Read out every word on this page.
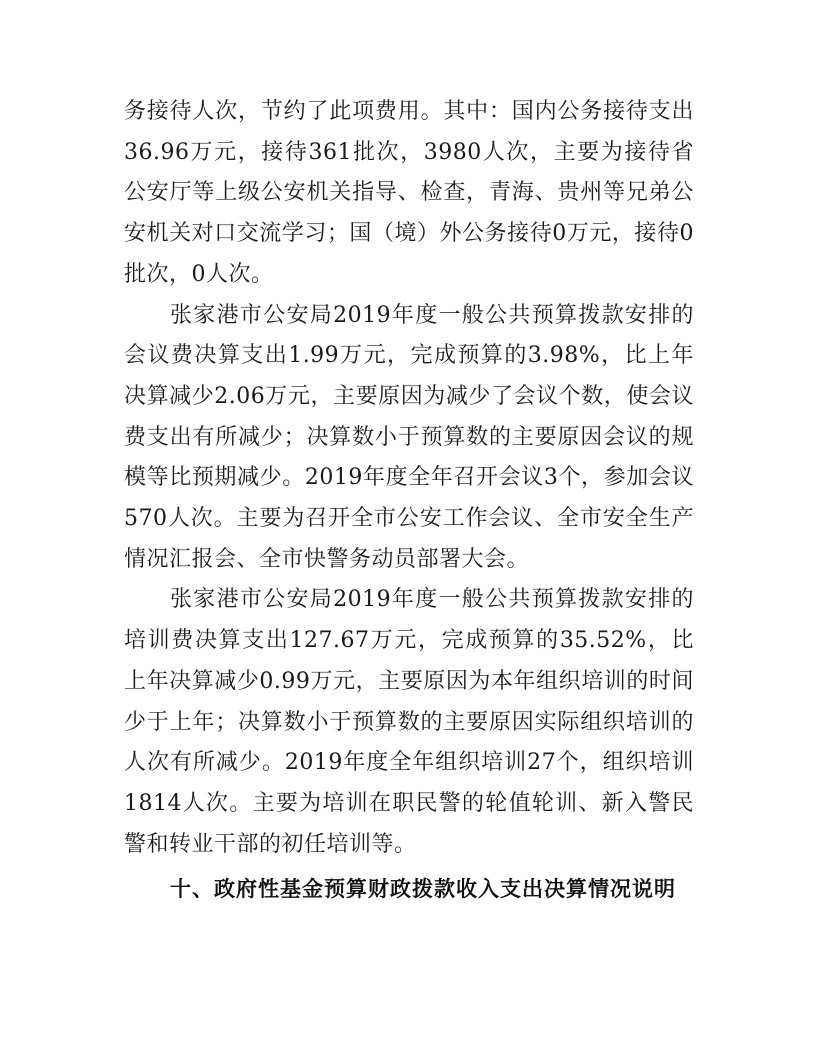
务接待人次，节约了此项费用。其中：国内公务接待支出36.96万元，接待361批次，3980人次，主要为接待省公安厅等上级公安机关指导、检查，青海、贵州等兄弟公安机关对口交流学习；国（境）外公务接待0万元，接待0批次，0人次。

张家港市公安局2019年度一般公共预算拨款安排的会议费决算支出1.99万元，完成预算的3.98%，比上年决算减少2.06万元，主要原因为减少了会议个数，使会议费支出有所减少；决算数小于预算数的主要原因会议的规模等比预期减少。2019年度全年召开会议3个，参加会议570人次。主要为召开全市公安工作会议、全市安全生产情况汇报会、全市快警务动员部署大会。

张家港市公安局2019年度一般公共预算拨款安排的培训费决算支出127.67万元，完成预算的35.52%，比上年决算减少0.99万元，主要原因为本年组织培训的时间少于上年；决算数小于预算数的主要原因实际组织培训的人次有所减少。2019年度全年组织培训27个，组织培训1814人次。主要为培训在职民警的轮值轮训、新入警民警和转业干部的初任培训等。

十、政府性基金预算财政拨款收入支出决算情况说明
